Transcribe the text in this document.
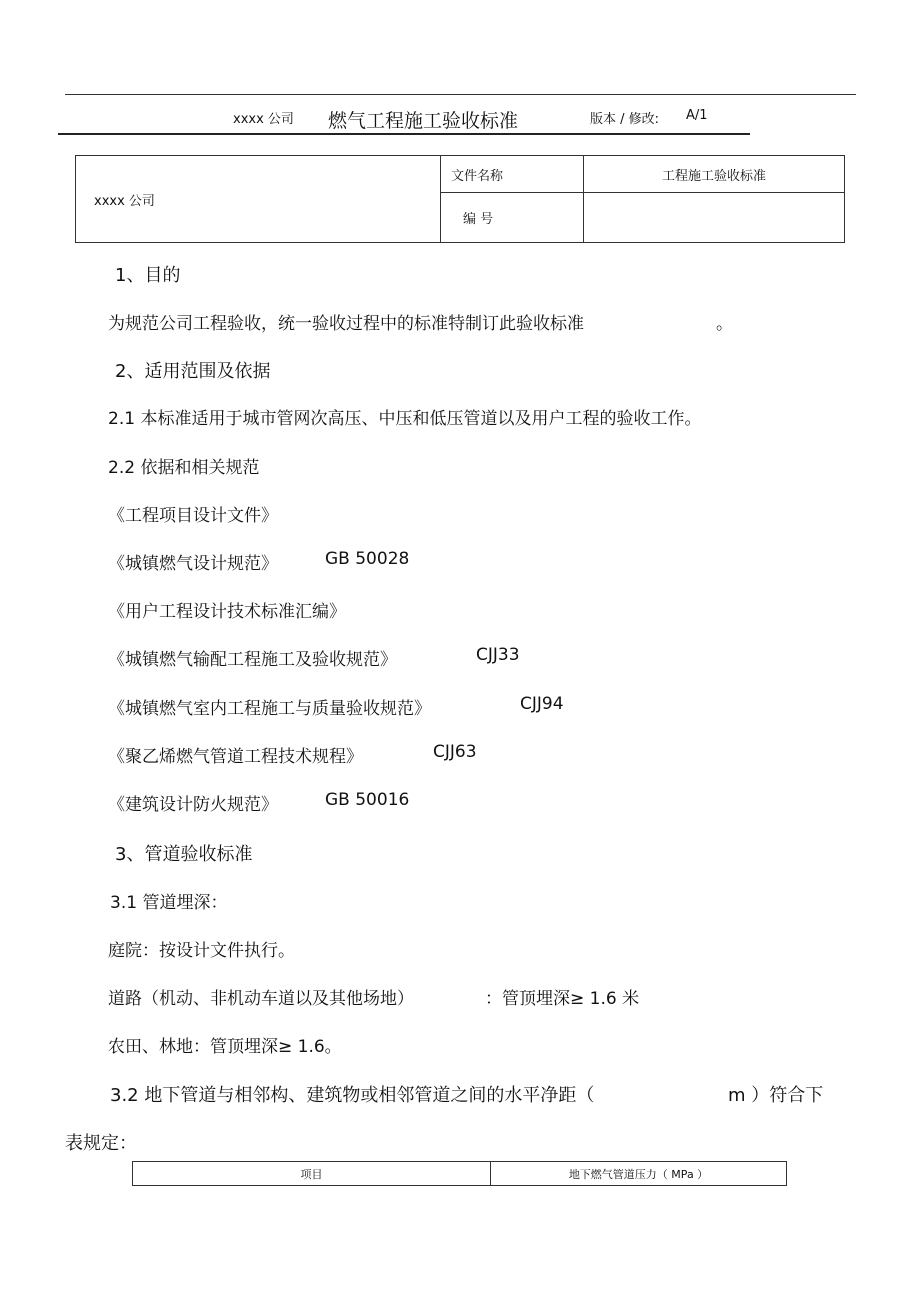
xxxx 公司 燃气工程施工验收标准	版本 / 修改: A/1
xxxx 公司	文件名称	工程施工验收标准
	编 号	
1、目的
为规范公司工程验收，统一验收过程中的标准特制订此验收标准	。
2、适用范围及依据
2.1 本标准适用于城市管网次高压、中压和低压管道以及用户工程的验收工作。
2.2 依据和相关规范
《工程项目设计文件》
《城镇燃气设计规范》	GB 50028
《用户工程设计技术标准汇编》
《城镇燃气输配工程施工及验收规范》	CJJ33
《城镇燃气室内工程施工与质量验收规范》	CJJ94
《聚乙烯燃气管道工程技术规程》	CJJ63
《建筑设计防火规范》	GB 50016
3、管道验收标准
3.1 管道埋深：
庭院：按设计文件执行。
道路（机动、非机动车道以及其他场地）	：管顶埋深≥ 1.6 米
农田、林地：管顶埋深≥ 1.6。
3.2 地下管道与相邻构、建筑物或相邻管道之间的水平净距（	m ）符合下
表规定：
项目	地下燃气管道压力（ MPa ）
